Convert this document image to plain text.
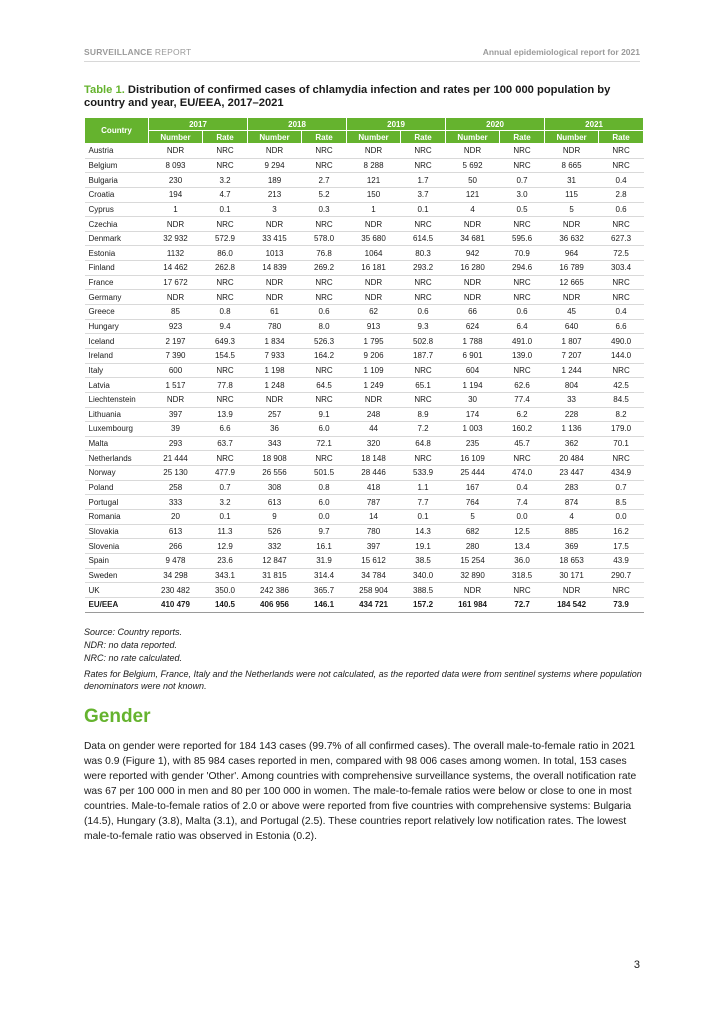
SURVEILLANCE REPORT	Annual epidemiological report for 2021
Table 1. Distribution of confirmed cases of chlamydia infection and rates per 100 000 population by country and year, EU/EEA, 2017–2021
Country	2017		2018		2019		2020		2021	
	Number	Rate	Number	Rate	Number	Rate	Number	Rate	Number	Rate
Austria	NDR	NRC	NDR	NRC	NDR	NRC	NDR	NRC	NDR	NRC
Belgium	8 093	NRC	9 294	NRC	8 288	NRC	5 692	NRC	8 665	NRC
Bulgaria	230	3.2	189	2.7	121	1.7	50	0.7	31	0.4
Croatia	194	4.7	213	5.2	150	3.7	121	3.0	115	2.8
Cyprus	1	0.1	3	0.3	1	0.1	4	0.5	5	0.6
Czechia	NDR	NRC	NDR	NRC	NDR	NRC	NDR	NRC	NDR	NRC
Denmark	32 932	572.9	33 415	578.0	35 680	614.5	34 681	595.6	36 632	627.3
Estonia	1132	86.0	1013	76.8	1064	80.3	942	70.9	964	72.5
Finland	14 462	262.8	14 839	269.2	16 181	293.2	16 280	294.6	16 789	303.4
France	17 672	NRC	NDR	NRC	NDR	NRC	NDR	NRC	12 665	NRC
Germany	NDR	NRC	NDR	NRC	NDR	NRC	NDR	NRC	NDR	NRC
Greece	85	0.8	61	0.6	62	0.6	66	0.6	45	0.4
Hungary	923	9.4	780	8.0	913	9.3	624	6.4	640	6.6
Iceland	2 197	649.3	1 834	526.3	1 795	502.8	1 788	491.0	1 807	490.0
Ireland	7 390	154.5	7 933	164.2	9 206	187.7	6 901	139.0	7 207	144.0
Italy	600	NRC	1 198	NRC	1 109	NRC	604	NRC	1 244	NRC
Latvia	1 517	77.8	1 248	64.5	1 249	65.1	1 194	62.6	804	42.5
Liechtenstein	NDR	NRC	NDR	NRC	NDR	NRC	30	77.4	33	84.5
Lithuania	397	13.9	257	9.1	248	8.9	174	6.2	228	8.2
Luxembourg	39	6.6	36	6.0	44	7.2	1 003	160.2	1 136	179.0
Malta	293	63.7	343	72.1	320	64.8	235	45.7	362	70.1
Netherlands	21 444	NRC	18 908	NRC	18 148	NRC	16 109	NRC	20 484	NRC
Norway	25 130	477.9	26 556	501.5	28 446	533.9	25 444	474.0	23 447	434.9
Poland	258	0.7	308	0.8	418	1.1	167	0.4	283	0.7
Portugal	333	3.2	613	6.0	787	7.7	764	7.4	874	8.5
Romania	20	0.1	9	0.0	14	0.1	5	0.0	4	0.0
Slovakia	613	11.3	526	9.7	780	14.3	682	12.5	885	16.2
Slovenia	266	12.9	332	16.1	397	19.1	280	13.4	369	17.5
Spain	9 478	23.6	12 847	31.9	15 612	38.5	15 254	36.0	18 653	43.9
Sweden	34 298	343.1	31 815	314.4	34 784	340.0	32 890	318.5	30 171	290.7
UK	230 482	350.0	242 386	365.7	258 904	388.5	NDR	NRC	NDR	NRC
EU/EEA	410 479	140.5	406 956	146.1	434 721	157.2	161 984	72.7	184 542	73.9
Source: Country reports.
NDR: no data reported.
NRC: no rate calculated.
Rates for Belgium, France, Italy and the Netherlands were not calculated, as the reported data were from sentinel systems where population denominators were not known.
Gender

Data on gender were reported for 184 143 cases (99.7% of all confirmed cases). The overall male-to-female ratio in 2021 was 0.9 (Figure 1), with 85 984 cases reported in men, compared with 98 006 cases among women. In total, 153 cases were reported with gender 'Other'. Among countries with comprehensive surveillance systems, the overall notification rate was 67 per 100 000 in men and 80 per 100 000 in women. The male-to-female ratios were below or close to one in most countries. Male-to-female ratios of 2.0 or above were reported from five countries with comprehensive systems: Bulgaria (14.5), Hungary (3.8), Malta (3.1), and Portugal (2.5). These countries report relatively low notification rates. The lowest male-to-female ratio was observed in Estonia (0.2).

3
